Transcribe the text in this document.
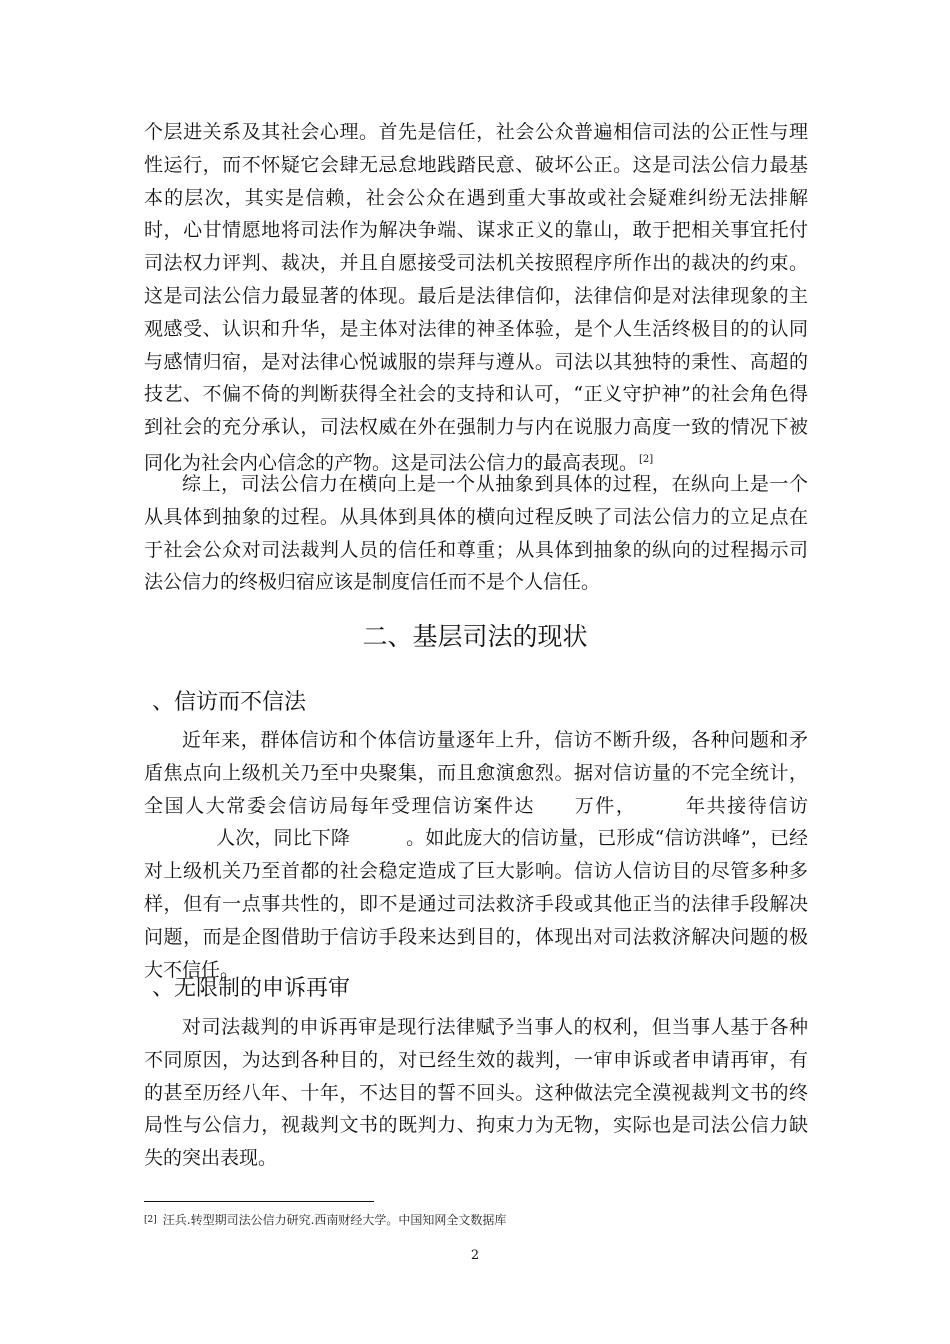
个层进关系及其社会心理。首先是信任，社会公众普遍相信司法的公正性与理性运行，而不怀疑它会肆无忌怠地践踏民意、破坏公正。这是司法公信力最基本的层次，其实是信赖，社会公众在遇到重大事故或社会疑难纠纷无法排解时，心甘情愿地将司法作为解决争端、谋求正义的靠山，敢于把相关事宜托付司法权力评判、裁决，并且自愿接受司法机关按照程序所作出的裁决的约束。这是司法公信力最显著的体现。最后是法律信仰，法律信仰是对法律现象的主观感受、认识和升华，是主体对法律的神圣体验，是个人生活终极目的的认同与感情归宿，是对法律心悦诚服的崇拜与遵从。司法以其独特的秉性、高超的技艺、不偏不倚的判断获得全社会的支持和认可，“正义守护神”的社会角色得到社会的充分承认，司法权威在外在强制力与内在说服力高度一致的情况下被同化为社会内心信念的产物。这是司法公信力的最高表现。[2]

综上，司法公信力在横向上是一个从抽象到具体的过程，在纵向上是一个从具体到抽象的过程。从具体到具体的横向过程反映了司法公信力的立足点在于社会公众对司法裁判人员的信任和尊重；从具体到抽象的纵向的过程揭示司法公信力的终极归宿应该是制度信任而不是个人信任。

二、基层司法的现状
、信访而不信法

近年来，群体信访和个体信访量逐年上升，信访不断升级，各种问题和矛盾焦点向上级机关乃至中央聚集，而且愈演愈烈。据对信访量的不完全统计，全国人大常委会信访局每年受理信访案件达 万件，	年共接待信访人次，同比下降	。如此庞大的信访量，已形成“信访洪峰”，已经对上级机关乃至首都的社会稳定造成了巨大影响。信访人信访目的尽管多种多样，但有一点事共性的，即不是通过司法救济手段或其他正当的法律手段解决问题，而是企图借助于信访手段来达到目的，体现出对司法救济解决问题的极大不信任。

、无限制的申诉再审

对司法裁判的申诉再审是现行法律赋予当事人的权利，但当事人基于各种不同原因，为达到各种目的，对已经生效的裁判，一审申诉或者申请再审，有的甚至历经八年、十年，不达目的誓不回头。这种做法完全漠视裁判文书的终局性与公信力，视裁判文书的既判力、拘束力为无物，实际也是司法公信力缺失的突出表现。

[2] 汪兵.转型期司法公信力研究.西南财经大学。中国知网全文数据库

2
